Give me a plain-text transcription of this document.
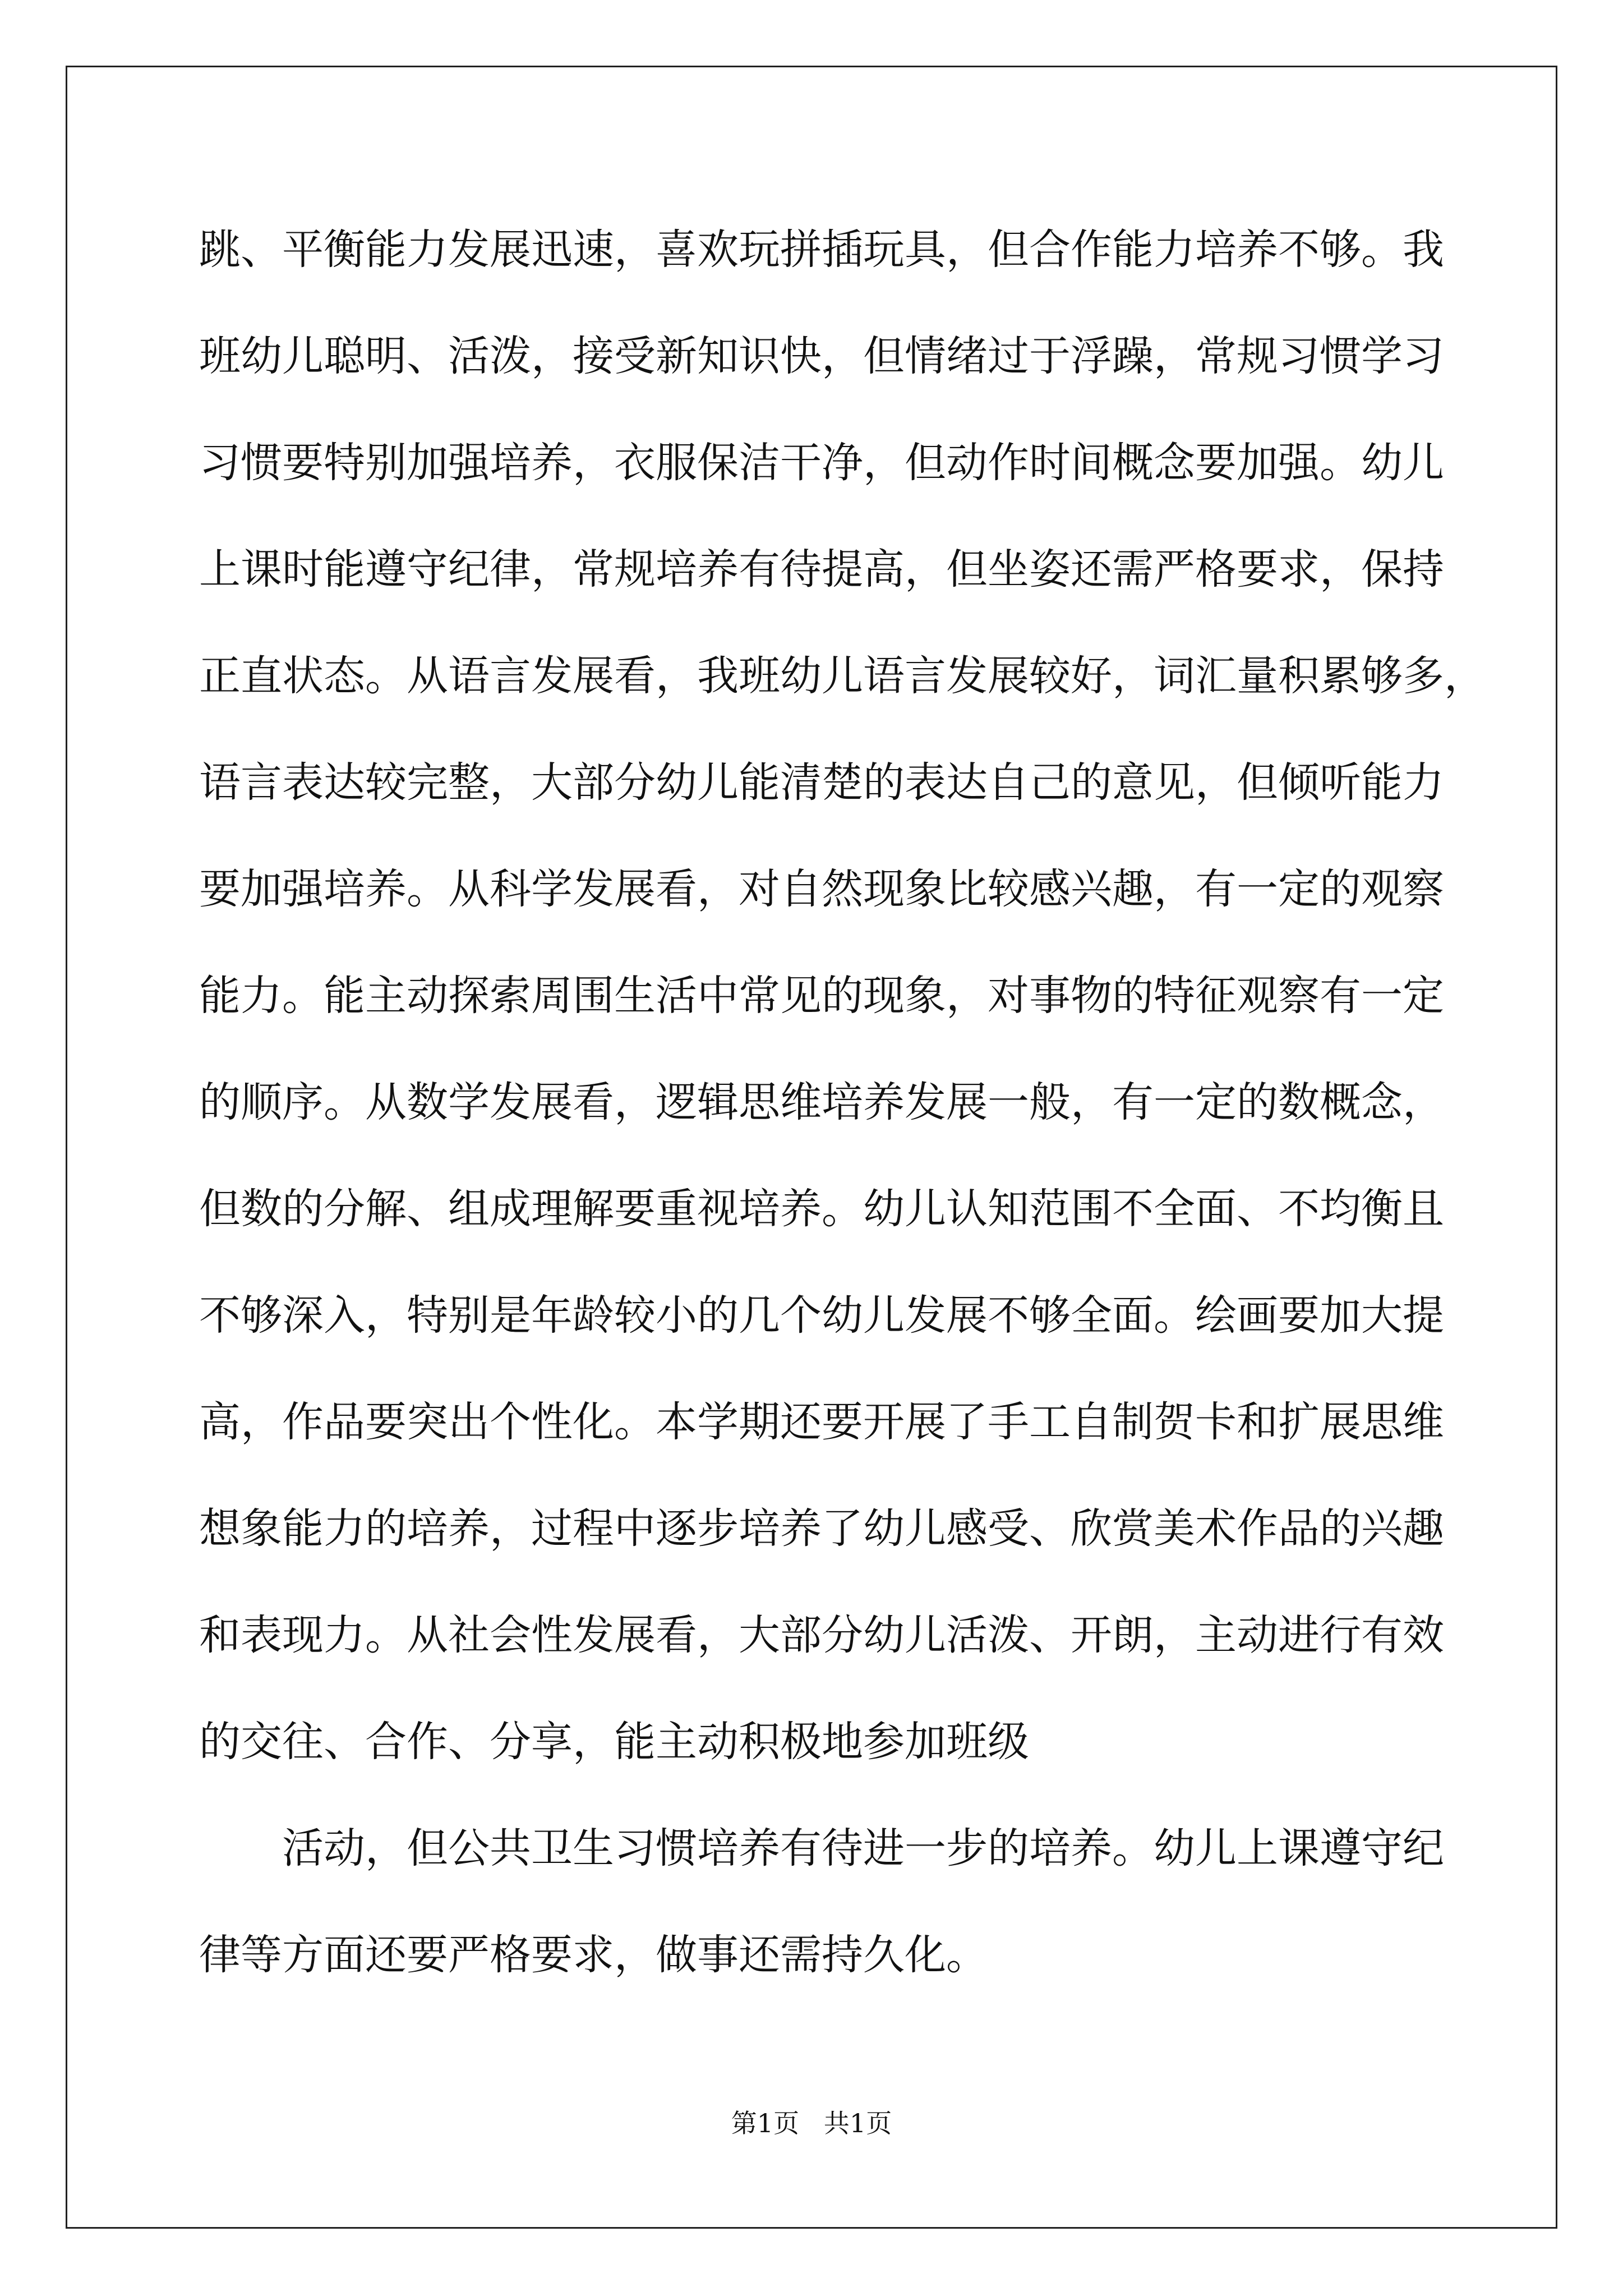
跳、平衡能力发展迅速，喜欢玩拼插玩具，但合作能力培养不够。我
班幼儿聪明、活泼，接受新知识快，但情绪过于浮躁，常规习惯学习
习惯要特别加强培养，衣服保洁干净，但动作时间概念要加强。幼儿
上课时能遵守纪律，常规培养有待提高，但坐姿还需严格要求，保持
正直状态。从语言发展看，我班幼儿语言发展较好，词汇量积累够多，
语言表达较完整，大部分幼儿能清楚的表达自己的意见，但倾听能力
要加强培养。从科学发展看，对自然现象比较感兴趣，有一定的观察
能力。能主动探索周围生活中常见的现象，对事物的特征观察有一定
的顺序。从数学发展看，逻辑思维培养发展一般，有一定的数概念，
但数的分解、组成理解要重视培养。幼儿认知范围不全面、不均衡且
不够深入，特别是年龄较小的几个幼儿发展不够全面。绘画要加大提
高，作品要突出个性化。本学期还要开展了手工自制贺卡和扩展思维
想象能力的培养，过程中逐步培养了幼儿感受、欣赏美术作品的兴趣
和表现力。从社会性发展看，大部分幼儿活泼、开朗，主动进行有效
的交往、合作、分享，能主动积极地参加班级
活动，但公共卫生习惯培养有待进一步的培养。幼儿上课遵守纪
律等方面还要严格要求，做事还需持久化。
第1页   共1页
